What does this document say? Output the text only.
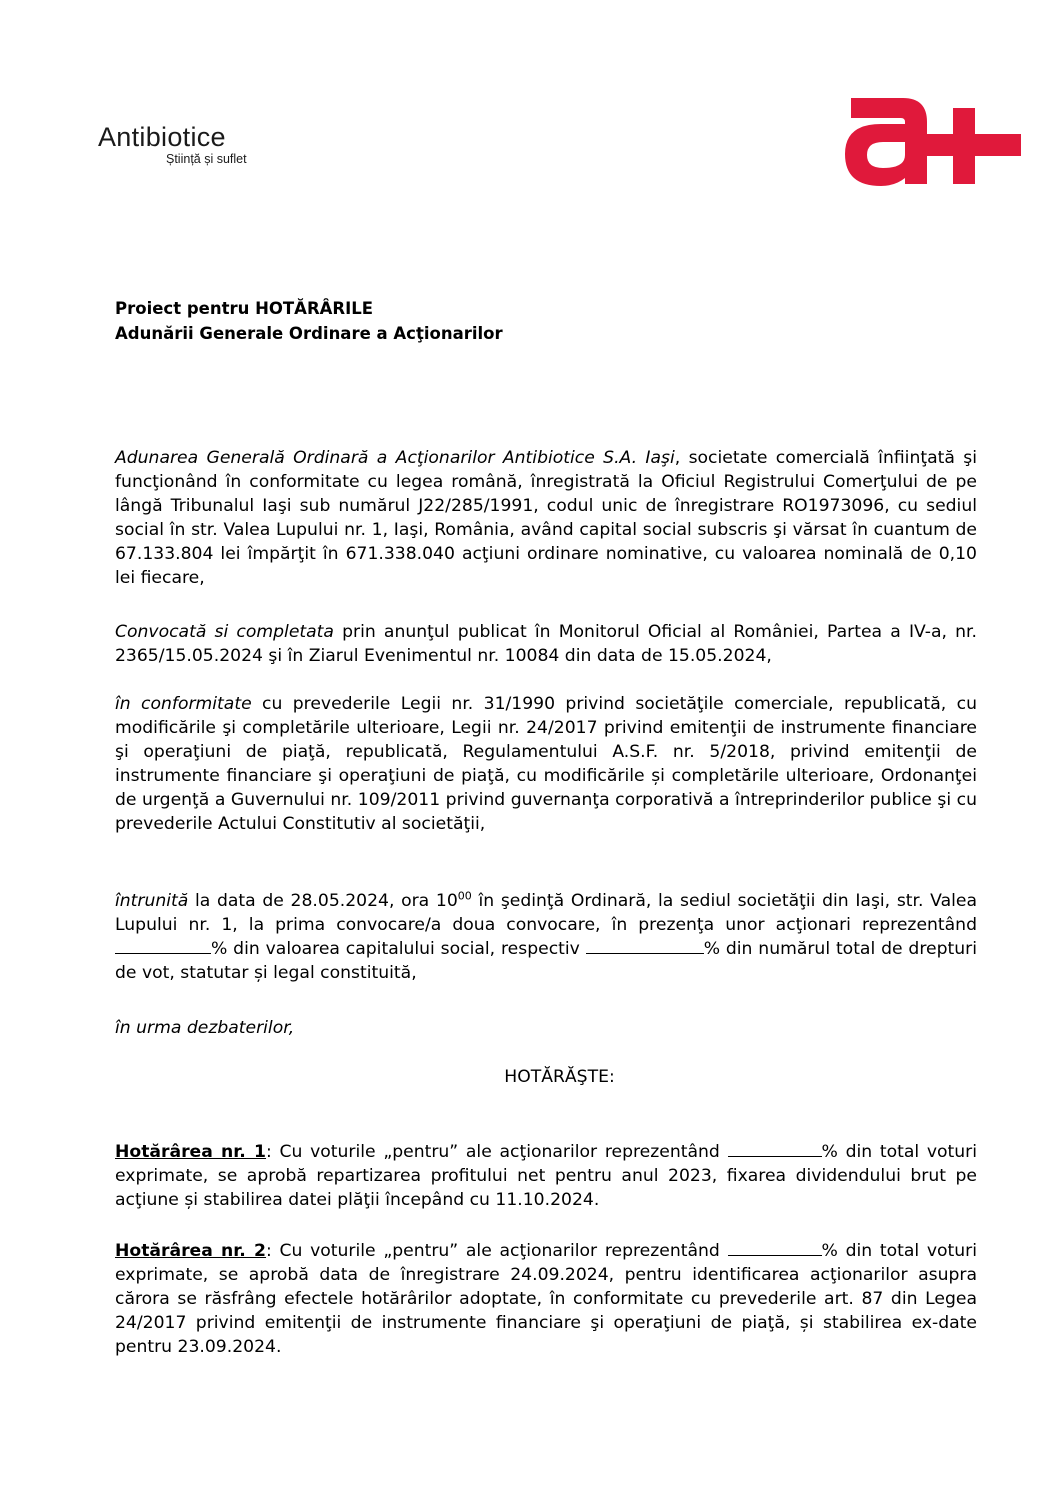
Antibiotice
Știință și suflet
Proiect pentru HOTĂRÂRILE
Adunării Generale Ordinare a Acţionarilor

Adunarea Generală Ordinară a Acţionarilor Antibiotice S.A. Iaşi, societate comercială înfiinţată şi funcţionând în conformitate cu legea română, înregistrată la Oficiul Registrului Comerţului de pe lângă Tribunalul Iaşi sub numărul J22/285/1991, codul unic de înregistrare RO1973096, cu sediul social în str. Valea Lupului nr. 1, Iaşi, România, având capital social subscris şi vărsat în cuantum de 67.133.804 lei împărţit în 671.338.040 acţiuni ordinare nominative, cu valoarea nominală de 0,10 lei fiecare,

Convocată si completata prin anunţul publicat în Monitorul Oficial al României, Partea a IV-a, nr. 2365/15.05.2024 şi în Ziarul Evenimentul nr. 10084 din data de 15.05.2024,

în conformitate cu prevederile Legii nr. 31/1990 privind societăţile comerciale, republicată, cu modificările şi completările ulterioare, Legii nr. 24/2017 privind emitenţii de instrumente financiare şi operaţiuni de piaţă, republicată, Regulamentului A.S.F. nr. 5/2018, privind emitenţii de instrumente financiare şi operaţiuni de piaţă, cu modificările și completările ulterioare, Ordonanţei de urgenţă a Guvernului nr. 109/2011 privind guvernanţa corporativă a întreprinderilor publice şi cu prevederile Actului Constitutiv al societăţii,

întrunită la data de 28.05.2024, ora $10^{00}$ în şedinţă Ordinară, la sediul societăţii din Iaşi, str. Valea Lupului nr. 1, la prima convocare/a doua convocare, în prezenţa unor acţionari reprezentând % din valoarea capitalului social, respectiv	% din numărul total de drepturi de vot, statutar și legal constituită,

în urma dezbaterilor,

HOTĂRĂŞTE:

Hotărârea nr. 1: Cu voturile „pentru” ale acţionarilor reprezentând	% din total voturi exprimate, se aprobă repartizarea profitului net pentru anul 2023, fixarea dividendului brut pe acţiune și stabilirea datei plăţii începând cu 11.10.2024.

Hotărârea nr. 2: Cu voturile „pentru” ale acţionarilor reprezentând	% din total voturi exprimate, se aprobă data de înregistrare 24.09.2024, pentru identificarea acţionarilor asupra cărora se răsfrâng efectele hotărârilor adoptate, în conformitate cu prevederile art. 87 din Legea 24/2017 privind emitenţii de instrumente financiare şi operaţiuni de piaţă, și stabilirea ex-date pentru 23.09.2024.
